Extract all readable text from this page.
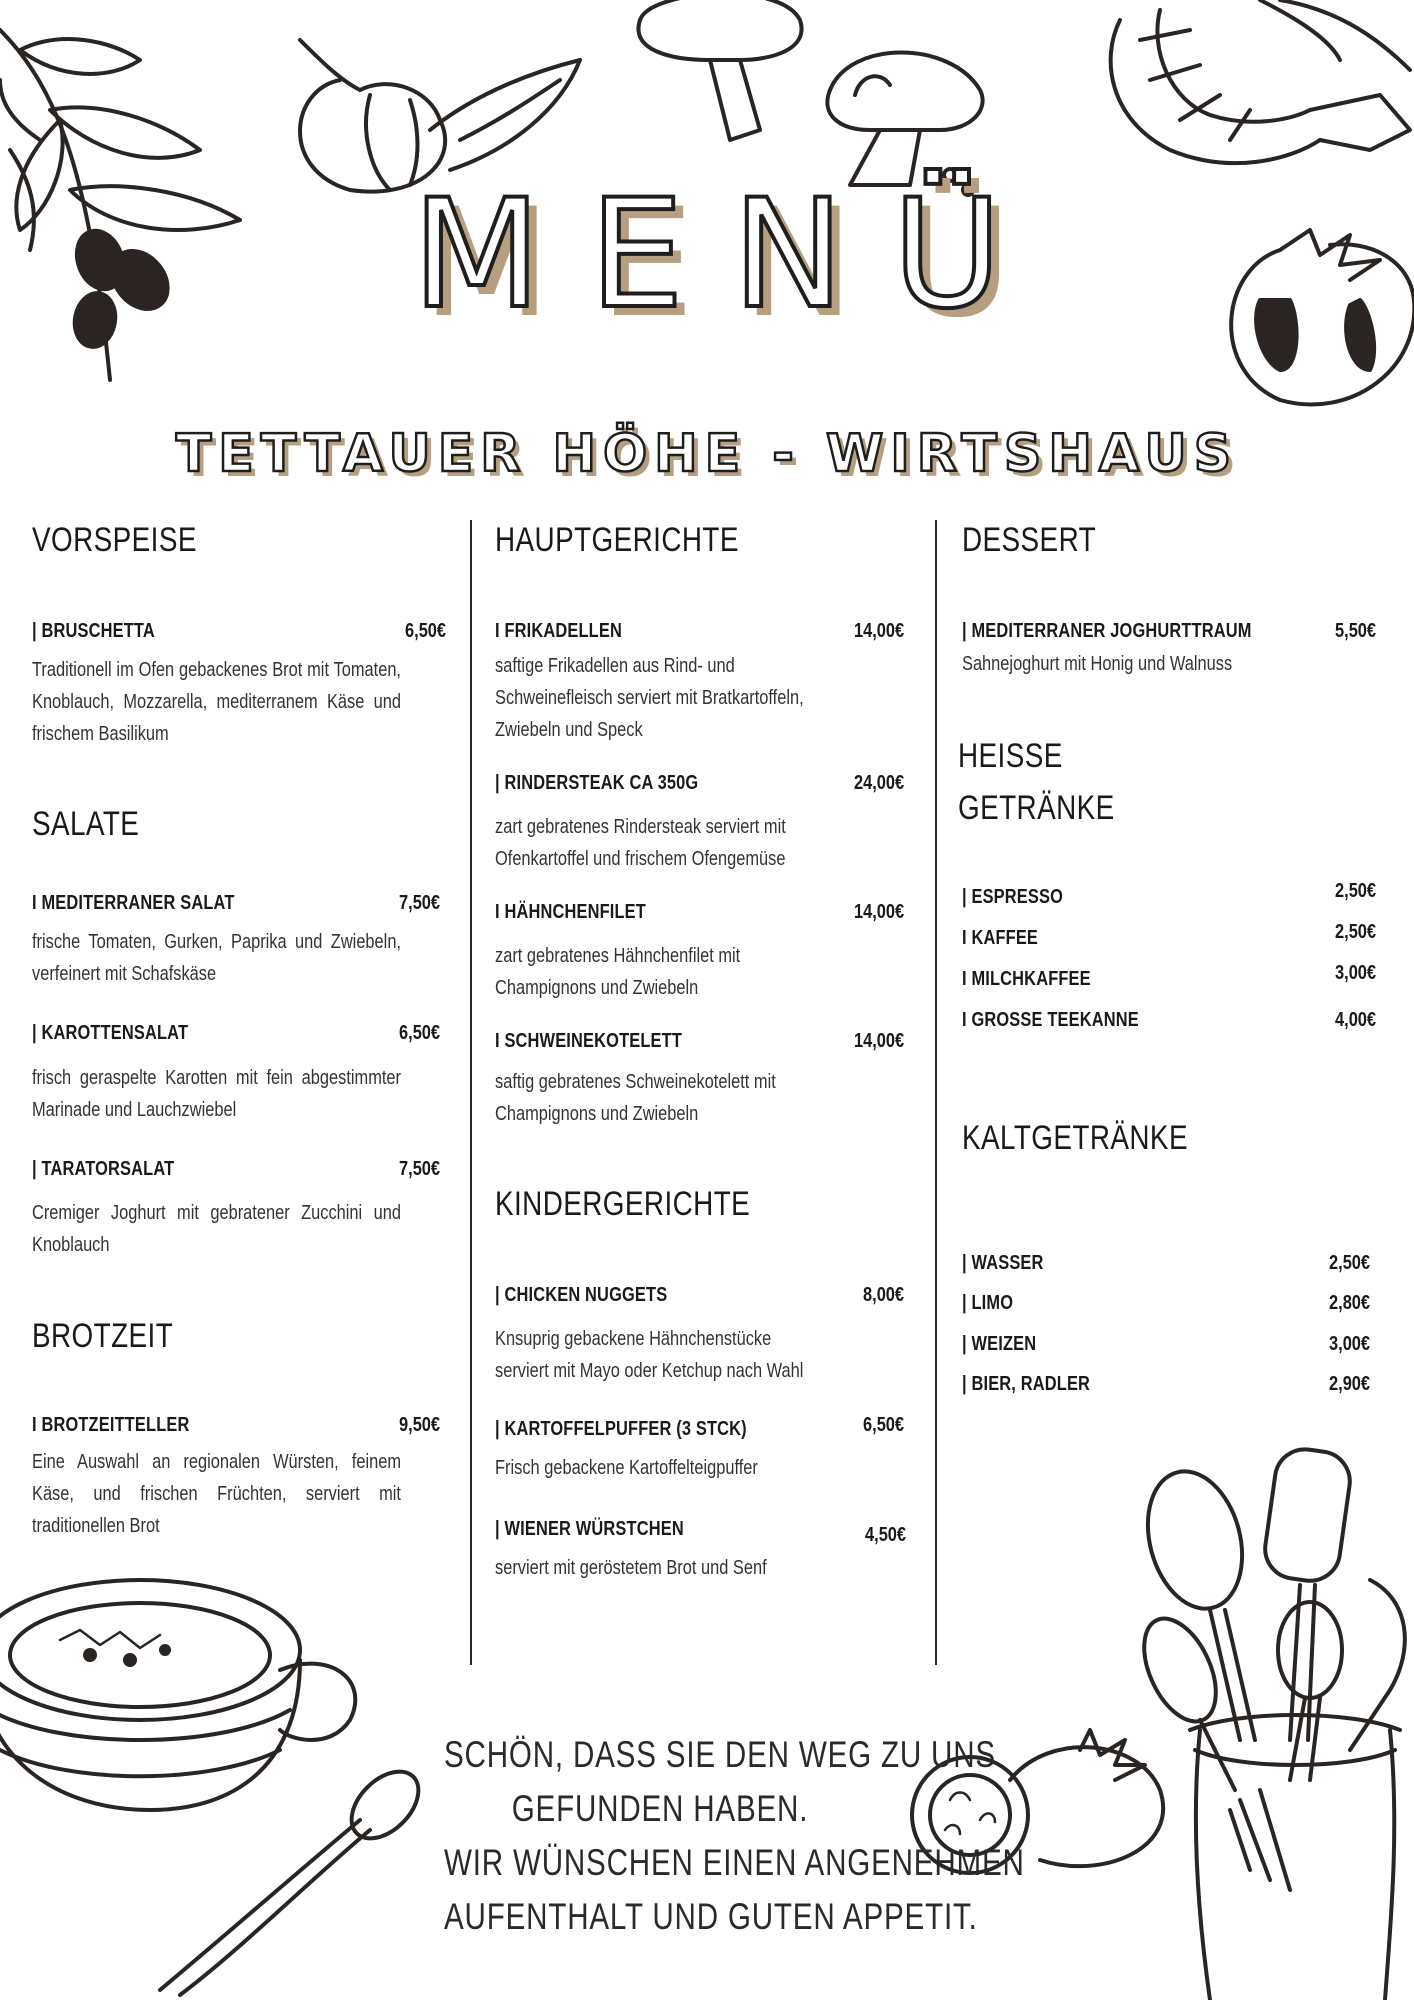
MENÜ
TETTAUER HÖHE - WIRTSHAUS
VORSPEISE
| BRUSCHETTA	6,50€
Traditionell im Ofen gebackenes Brot mit Tomaten, Knoblauch, Mozzarella, mediterranem Käse und frischem Basilikum
SALATE
I MEDITERRANER SALAT	7,50€
frische Tomaten, Gurken, Paprika und Zwiebeln, verfeinert mit Schafskäse
| KAROTTENSALAT	6,50€
frisch geraspelte Karotten mit fein abgestimmter Marinade und Lauchzwiebel
| TARATORSALAT	7,50€
Cremiger Joghurt mit gebratener Zucchini und Knoblauch
BROTZEIT
I BROTZEITTELLER	9,50€
Eine Auswahl an regionalen Würsten, feinem Käse, und frischen Früchten, serviert mit traditionellen Brot
HAUPTGERICHTE
I FRIKADELLEN	14,00€
saftige Frikadellen aus Rind- und Schweinefleisch serviert mit Bratkartoffeln, Zwiebeln und Speck
| RINDERSTEAK CA 350G	24,00€
zart gebratenes Rindersteak serviert mit Ofenkartoffel und frischem Ofengemüse
I HÄHNCHENFILET	14,00€
zart gebratenes Hähnchenfilet mit Champignons und Zwiebeln
I SCHWEINEKOTELETT	14,00€
saftig gebratenes Schweinekotelett mit Champignons und Zwiebeln
KINDERGERICHTE
| CHICKEN NUGGETS	8,00€
Knsuprig gebackene Hähnchenstücke serviert mit Mayo oder Ketchup nach Wahl
| KARTOFFELPUFFER (3 STCK)	6,50€
Frisch gebackene Kartoffelteigpuffer
| WIENER WÜRSTCHEN	4,50€
serviert mit geröstetem Brot und Senf
DESSERT
| MEDITERRANER JOGHURTTRAUM	5,50€
Sahnejoghurt mit Honig und Walnuss
HEISSE
GETRÄNKE
| ESPRESSO	2,50€
I KAFFEE	2,50€
I MILCHKAFFEE	3,00€
I GROSSE TEEKANNE	4,00€
KALTGETRÄNKE
| WASSER	2,50€
| LIMO	2,80€
| WEIZEN	3,00€
| BIER, RADLER	2,90€
SCHÖN, DASS SIE DEN WEG ZU UNS
GEFUNDEN HABEN.
WIR WÜNSCHEN EINEN ANGENEHMEN
AUFENTHALT UND GUTEN APPETIT.
